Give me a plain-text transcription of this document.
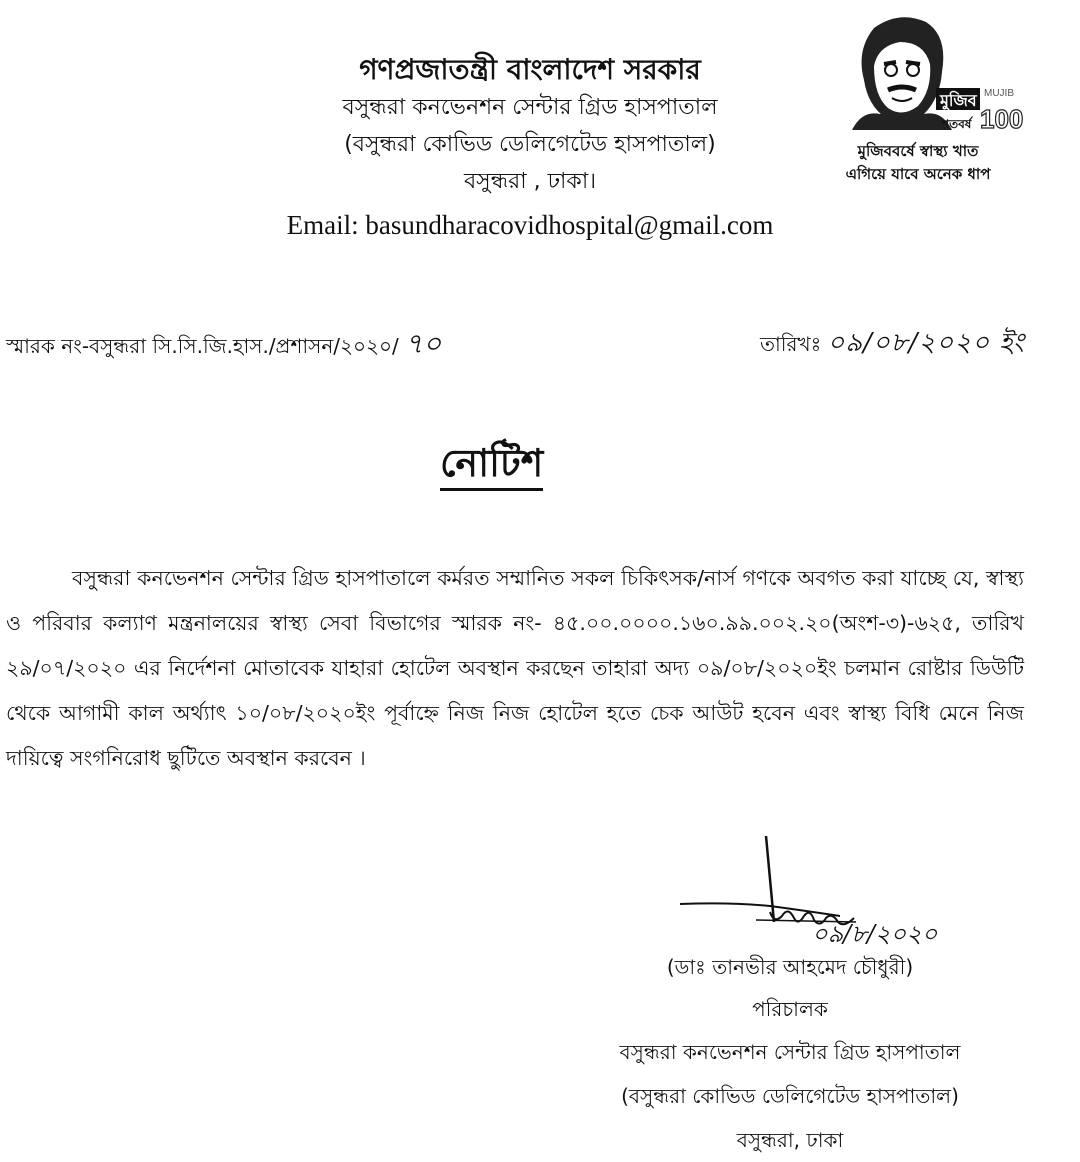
গণপ্রজাতন্ত্রী বাংলাদেশ সরকার
বসুন্ধরা কনভেনশন সেন্টার গ্রিড হাসপাতাল
(বসুন্ধরা কোভিড ডেলিগেটেড হাসপাতাল)
বসুন্ধরা , ঢাকা।
Email: basundharacovidhospital@gmail.com
মুজিব MUJIB
100
শতবর্ষ
মুজিববর্ষে স্বাস্থ্য খাত
এগিয়ে যাবে অনেক ধাপ
স্মারক নং-বসুন্ধরা সি.সি.জি.হাস./প্রশাসন/২০২০/ ৭০	তারিখঃ ০৯/০৮/২০২০ ইং
নোটিশ
বসুন্ধরা কনভেনশন সেন্টার গ্রিড হাসপাতালে কর্মরত সম্মানিত সকল চিকিৎসক/নার্স গণকে অবগত করা যাচ্ছে যে, স্বাস্থ্য ও পরিবার কল্যাণ মন্ত্রনালয়ের স্বাস্থ্য সেবা বিভাগের স্মারক নং- ৪৫.০০.০০০০.১৬০.৯৯.০০২.২০(অংশ-৩)-৬২৫, তারিখ ২৯/০৭/২০২০ এর নির্দেশনা মোতাবেক যাহারা হোটেল অবস্থান করছেন তাহারা অদ্য ০৯/০৮/২০২০ইং চলমান রোষ্টার ডিউটি থেকে আগামী কাল অর্থ্যাৎ ১০/০৮/২০২০ইং পূর্বাহ্নে নিজ নিজ হোটেল হতে চেক আউট হবেন এবং স্বাস্থ্য বিধি মেনে নিজ দায়িত্বে সংগনিরোধ ছুটিতে অবস্থান করবেন ।
০৯/৮/২০২০
(ডাঃ তানভীর আহমেদ চৌধুরী)
পরিচালক
বসুন্ধরা কনভেনশন সেন্টার গ্রিড হাসপাতাল
(বসুন্ধরা কোভিড ডেলিগেটেড হাসপাতাল)
বসুন্ধরা, ঢাকা
